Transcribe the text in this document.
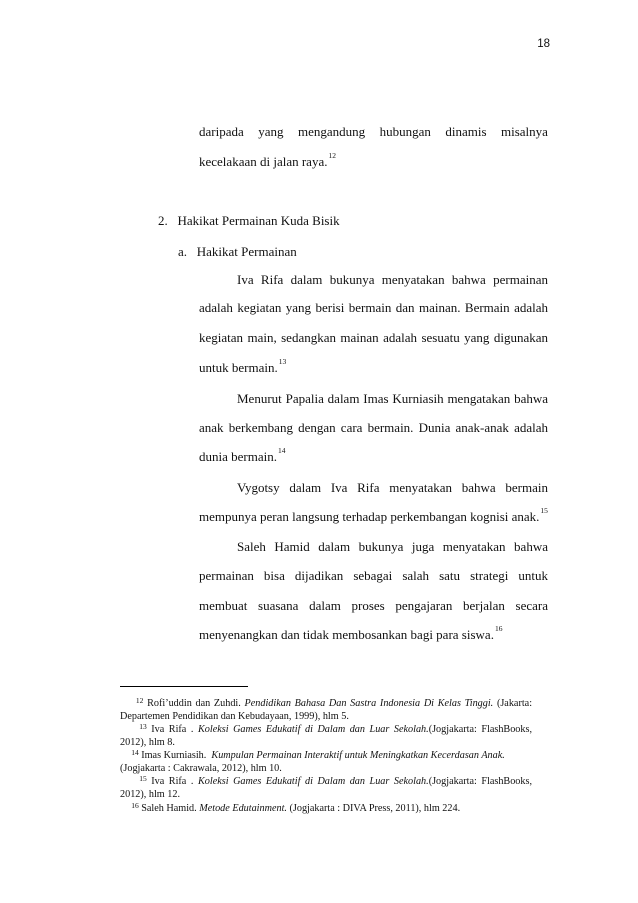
18
daripada yang mengandung hubungan dinamis misalnya
kecelakaan di jalan raya.$^{12}$
2.   Hakikat Permainan Kuda Bisik
a.   Hakikat Permainan
Iva Rifa dalam bukunya menyatakan bahwa permainan
adalah kegiatan yang berisi bermain dan mainan. Bermain adalah
kegiatan main, sedangkan mainan adalah sesuatu yang digunakan
untuk bermain.$^{13}$
Menurut Papalia dalam Imas Kurniasih mengatakan bahwa
anak berkembang dengan cara bermain. Dunia anak-anak adalah
dunia bermain.$^{14}$
Vygotsy dalam Iva Rifa menyatakan bahwa bermain
mempunya peran langsung terhadap perkembangan kognisi anak.$^{15}$
Saleh Hamid dalam bukunya juga menyatakan bahwa
permainan bisa dijadikan sebagai salah satu strategi untuk
membuat suasana dalam proses pengajaran berjalan secara
menyenangkan dan tidak membosankan bagi para siswa.$^{16}$
$^{12}$ Rofi’uddin dan Zuhdi. Pendidikan Bahasa Dan Sastra Indonesia Di Kelas Tinggi. (Jakarta:
Departemen Pendidikan dan Kebudayaan, 1999), hlm 5.
$^{13}$ Iva Rifa . Koleksi Games Edukatif di Dalam dan Luar Sekolah.(Jogjakarta: FlashBooks,
2012), hlm 8.
$^{14}$ Imas Kurniasih. Kumpulan Permainan Interaktif untuk Meningkatkan Kecerdasan Anak.
(Jogjakarta : Cakrawala, 2012), hlm 10.
$^{15}$ Iva Rifa . Koleksi Games Edukatif di Dalam dan Luar Sekolah.(Jogjakarta: FlashBooks,
2012), hlm 12.
$^{16}$ Saleh Hamid. Metode Edutainment. (Jogjakarta : DIVA Press, 2011), hlm 224.
